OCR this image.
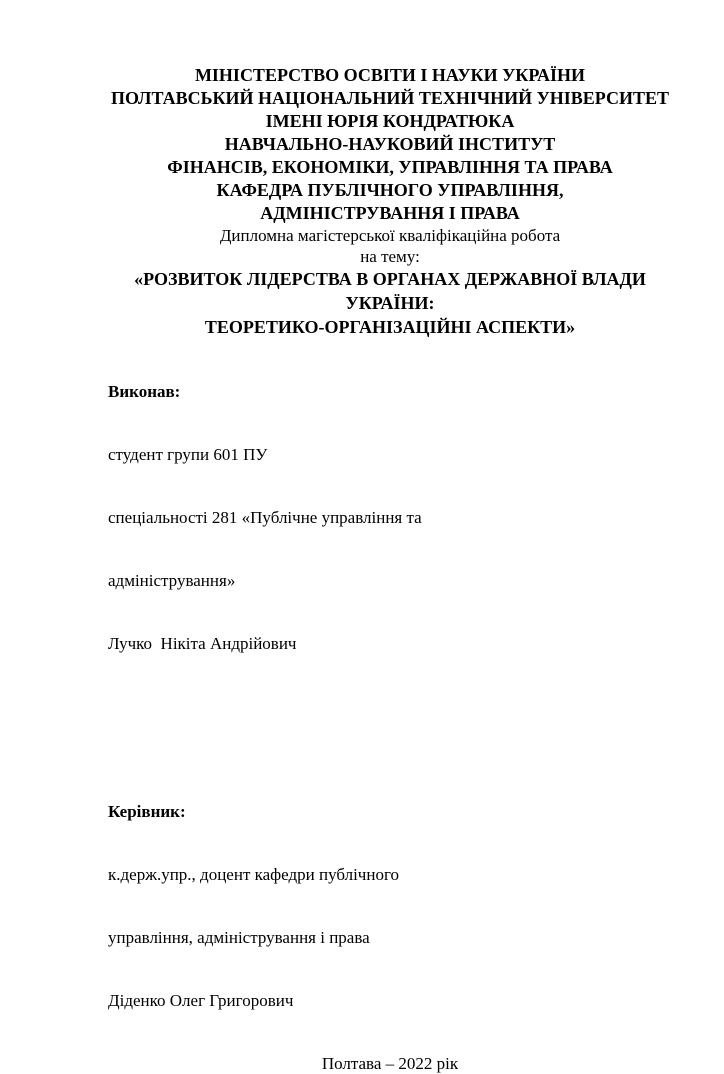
МІНІСТЕРСТВО ОСВІТИ І НАУКИ УКРАЇНИ
ПОЛТАВСЬКИЙ НАЦІОНАЛЬНИЙ ТЕХНІЧНИЙ УНІВЕРСИТЕТ
ІМЕНІ ЮРІЯ КОНДРАТЮКА
НАВЧАЛЬНО-НАУКОВИЙ ІНСТИТУТ
ФІНАНСІВ, ЕКОНОМІКИ, УПРАВЛІННЯ ТА ПРАВА
КАФЕДРА ПУБЛІЧНОГО УПРАВЛІННЯ,
АДМІНІСТРУВАННЯ І ПРАВА
Дипломна магістерської кваліфікаційна робота
на тему:
«РОЗВИТОК ЛІДЕРСТВА В ОРГАНАХ ДЕРЖАВНОЇ ВЛАДИ УКРАЇНИ:
ТЕОРЕТИКО-ОРГАНІЗАЦІЙНІ АСПЕКТИ»

Виконав:

студент групи 601 ПУ

спеціальності 281 «Публічне управління та

адміністрування»

Лучко  Нікіта Андрійович

Керівник:

к.держ.упр., доцент кафедри публічного

управління, адміністрування і права

Діденко Олег Григорович

Полтава – 2022 рік
